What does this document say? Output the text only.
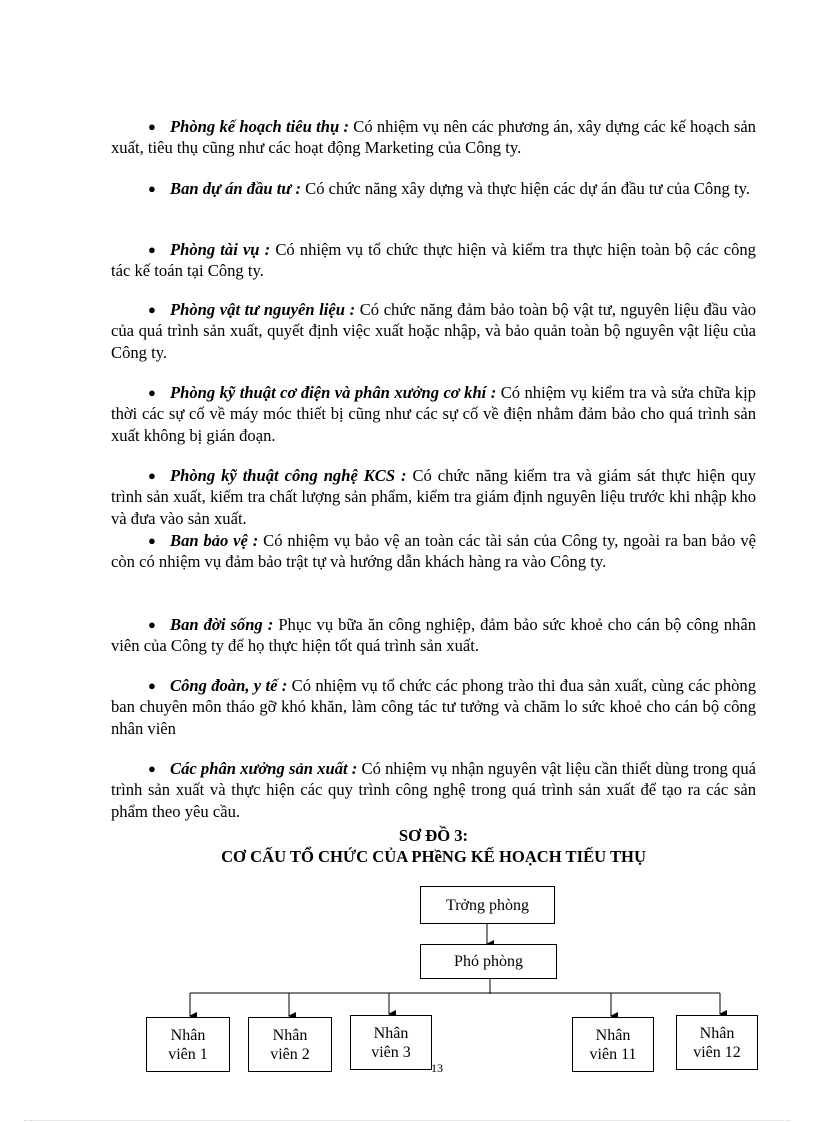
● Phòng kế hoạch tiêu thụ : Có nhiệm vụ nên các phương án, xây dựng các kế hoạch sản xuất, tiêu thụ cũng như các hoạt động Marketing của Công ty.
● Ban dự án đầu tư : Có chức năng xây dựng và thực hiện các dự án đầu tư của Công ty.
● Phòng tài vụ : Có nhiệm vụ tổ chức thực hiện và kiểm tra thực hiện toàn bộ các công tác kế toán tại Công ty.
● Phòng vật tư nguyên liệu : Có chức năng đảm bảo toàn bộ vật tư, nguyên liệu đầu vào của quá trình sản xuất, quyết định việc xuất hoặc nhập, và bảo quản toàn bộ nguyên vật liệu của Công ty.
● Phòng kỹ thuật cơ điện và phân xưởng cơ khí : Có nhiệm vụ kiểm tra và sửa chữa kịp thời các sự cố về máy móc thiết bị cũng như các sự cố về điện nhằm đảm bảo cho quá trình sản xuất không bị gián đoạn.
● Phòng kỹ thuật công nghệ KCS : Có chức năng kiểm tra và giám sát thực hiện quy trình sản xuất, kiểm tra chất lượng sản phẩm, kiểm tra giám định nguyên liệu trước khi nhập kho và đưa vào sản xuất.
● Ban bảo vệ : Có nhiệm vụ bảo vệ an toàn các tài sản của Công ty, ngoài ra ban bảo vệ còn có nhiệm vụ đảm bảo trật tự và hướng dẫn khách hàng ra vào Công ty.
● Ban đời sống : Phục vụ bữa ăn công nghiệp, đảm bảo sức khoẻ cho cán bộ công nhân viên của Công ty để họ thực hiện tốt quá trình sản xuất.
● Công đoàn, y tế : Có nhiệm vụ tổ chức các phong trào thi đua sản xuất, cùng các phòng ban chuyên môn tháo gỡ khó khăn, làm công tác tư tưởng và chăm lo sức khoẻ cho cán bộ công nhân viên
● Các phân xưởng sản xuất : Có nhiệm vụ nhận nguyên vật liệu cần thiết dùng trong quá trình sản xuất và thực hiện các quy trình công nghệ trong quá trình sản xuất để tạo ra các sản phẩm theo yêu cầu.
SƠ ĐỒ 3:
CƠ CẤU TỔ CHỨC CỦA PHềNG KẾ HOẠCH TIẾU THỤ
Trởng phòng
Phó phòng
Nhân
viên 1
Nhân
viên 2
Nhân
viên 3
Nhân
viên 11
Nhân
viên 12
13
